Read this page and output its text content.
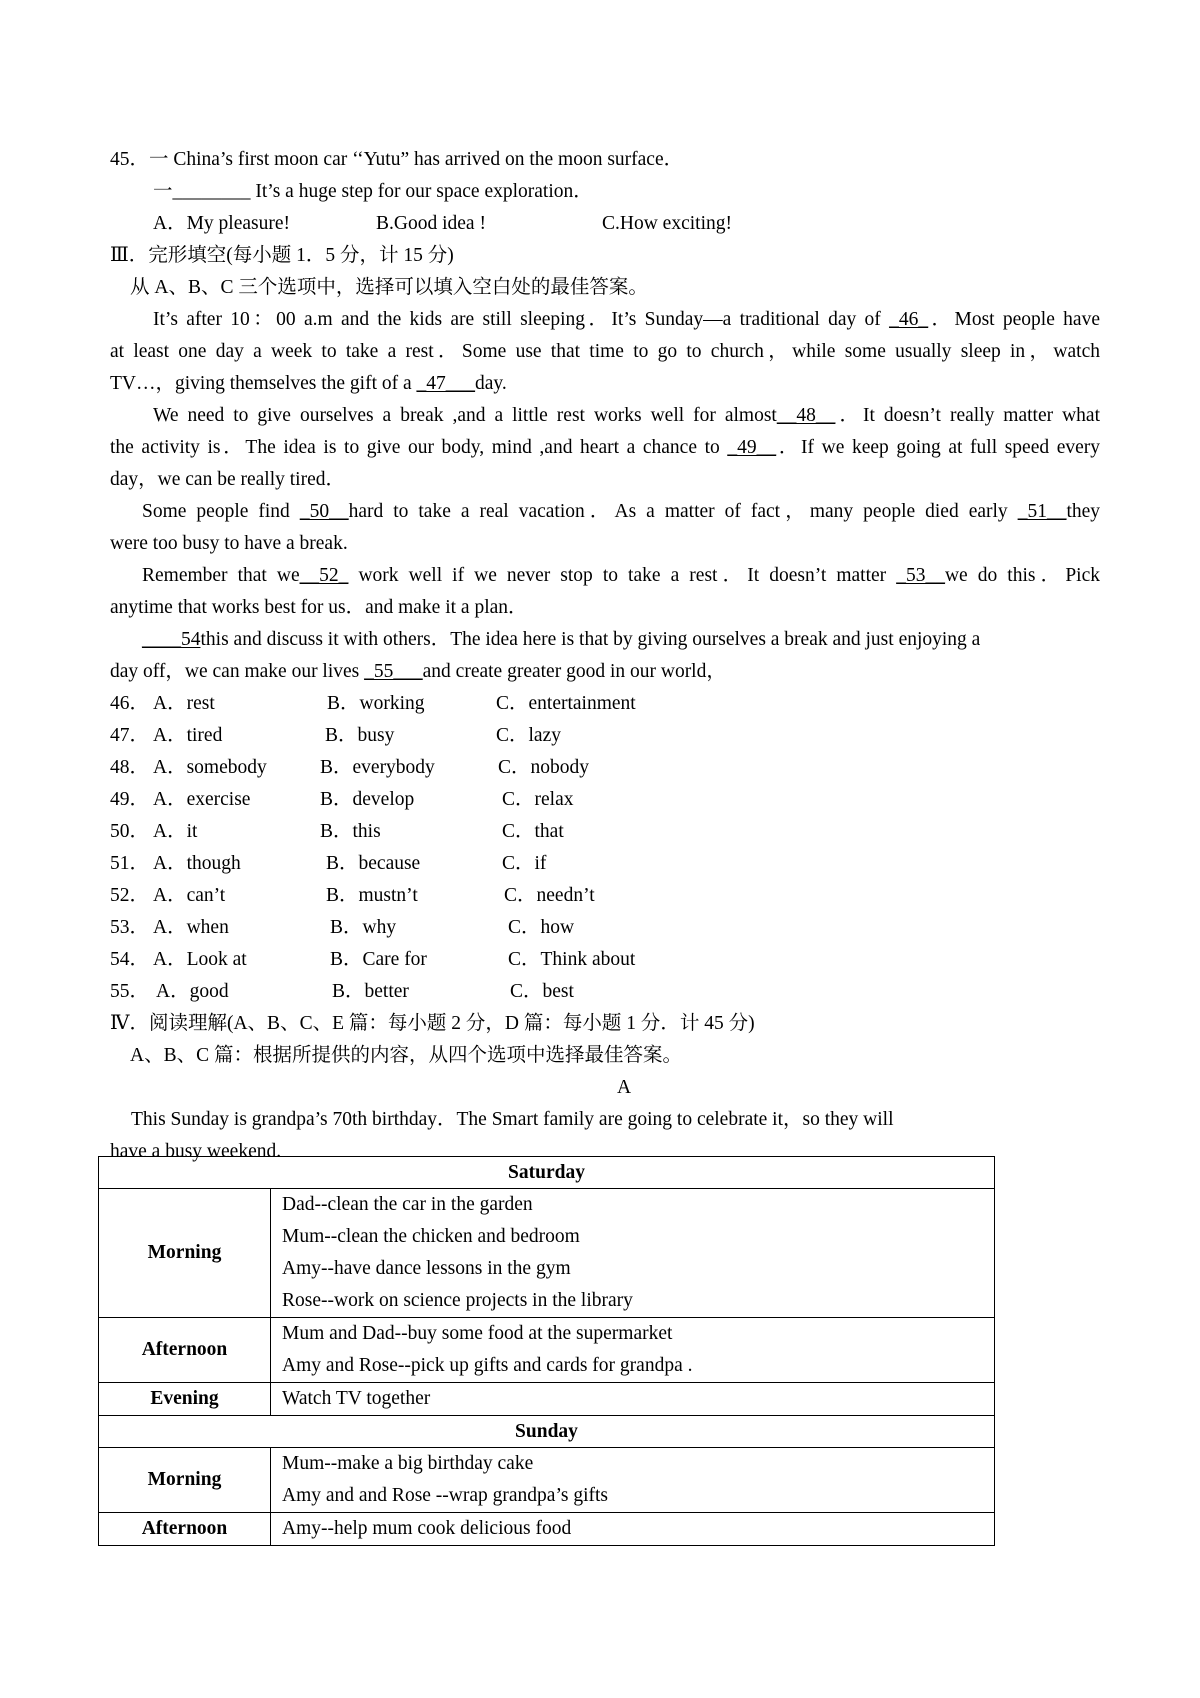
45．一 China’s first moon car ‘‘Yutu” has arrived on the moon surface．
一________ It’s a huge step for our space exploration．
A．My pleasure!	B.Good idea !	C.How exciting!
Ⅲ．完形填空(每小题 1．5 分，计 15 分)
从 A、B、C 三个选项中，选择可以填入空白处的最佳答案。
It’s after 10：00 a.m and the kids are still sleeping．It’s Sunday—a traditional day of _46_．Most people have
at least one day a week to take a rest．Some use that time to go to church，while some usually sleep in，watch
TV…，giving themselves the gift of a _47___day.
We need to give ourselves a break ,and a little rest works well for almost__48__．It doesn’t really matter what
the activity is．The idea is to give our body, mind ,and heart a chance to _49__．If we keep going at full speed every
day，we can be really tired．
Some people find _50__hard to take a real vacation．As a matter of fact，many people died early _51__they
were too busy to have a break.
Remember that we__52_ work well if we never stop to take a rest．It doesn’t matter _53__we do this．Pick
anytime that works best for us．and make it a plan．
____54this and discuss it with others．The idea here is that by giving ourselves a break and just enjoying a
day off，we can make our lives _55___and create greater good in our world，
46． A．rest	B．working	C．entertainment
47． A．tired	B．busy	C．lazy
48． A．somebody	B．everybody	C．nobody
49． A．exercise	B．develop	C．relax
50． A．it	B．this	C．that
51． A．though	B．because	C．if
52． A．can’t	B．mustn’t	C．needn’t
53． A．when	B．why	C．how
54． A．Look at	B．Care for	C．Think about
55． A．good	B．better	C．best
Ⅳ．阅读理解(A、B、C、E 篇：每小题 2 分，D 篇：每小题 1 分．计 45 分)
A、B、C 篇：根据所提供的内容，从四个选项中选择最佳答案。
A
This Sunday is grandpa’s 70th birthday．The Smart family are going to celebrate it，so they will
have a busy weekend.
Saturday	
Morning	Dad--clean the car in the garden
Mum--clean the chicken and bedroom
Amy--have dance lessons in the gym
Rose--work on science projects in the library

Afternoon	Mum and Dad--buy some food at the supermarket
Amy and Rose--pick up gifts and cards for grandpa .

Evening	Watch TV together

Sunday	
Morning	Mum--make a big birthday cake
Amy and and Rose --wrap grandpa’s gifts

Afternoon	Amy--help mum cook delicious food
